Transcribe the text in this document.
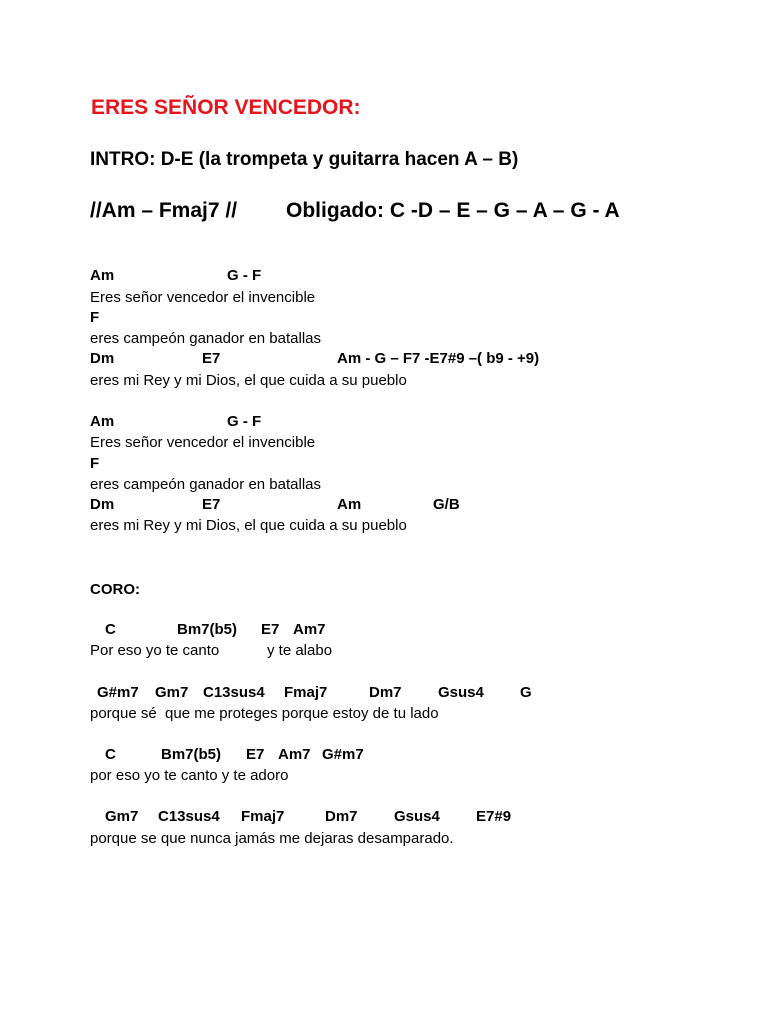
ERES SEÑOR VENCEDOR:
INTRO: D-E (la trompeta y guitarra hacen A – B)
//Am – Fmaj7 // Obligado: C -D – E – G – A – G - A
Am	G - F
Eres señor vencedor el invencible
F
eres campeón ganador en batallas
Dm	E7	Am - G – F7 -E7#9 –( b9 - +9)
eres mi Rey y mi Dios, el que cuida a su pueblo
Am	G - F
Eres señor vencedor el invencible
F
eres campeón ganador en batallas
Dm	E7	Am	G/B
eres mi Rey y mi Dios, el que cuida a su pueblo
CORO:
C	Bm7(b5) E7 Am7
Por eso yo te canto	y te alabo
G#m7 Gm7 C13sus4 Fmaj7	Dm7 Gsus4 G
porque sé  que me proteges porque estoy de tu lado
C	Bm7(b5) E7 Am7 G#m7
por eso yo te canto y te adoro
Gm7 C13sus4 Fmaj7	Dm7 Gsus4 E7#9
porque se que nunca jamás me dejaras desamparado.
